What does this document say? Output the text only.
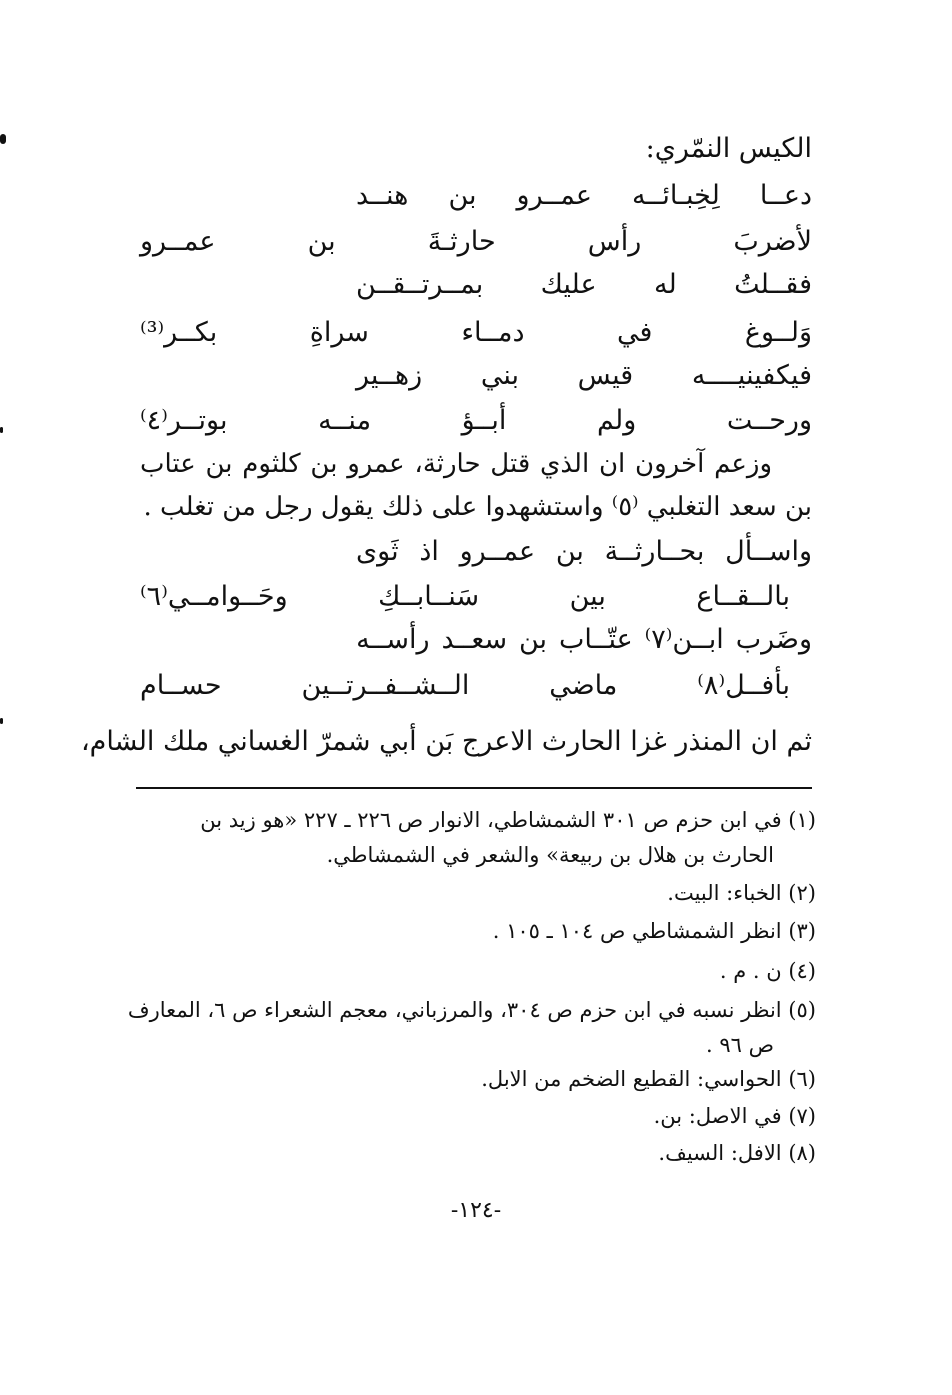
الكيس النمّري:
دعــا
لِخِبـائــه
عمــرو
بن
هنــد
لأضربَ
رأس
حارثـةَ
بن
عمــرو
فقــلتُ
له
عليك
بمــرتــقــن
وَلــوغ
في
دمــاء
سراةِ
بكــر⁽³⁾
فيكفينيــــه
قيس
بني
زهــير
ورحــت
ولم
أبــؤ
منــه
بوتــر⁽٤⁾
وزعم آخرون ان الذي قتل حارثة، عمرو بن كلثوم بن عتاب بن سعد التغلبي ⁽٥⁾ واستشهدوا على ذلك يقول رجل من تغلب .
واســأل
بحــارثــة
بن
عمــرو
اذ
ثَوى
بالــقــاع
بين
سَنــابــكِ
وحَــوامــي⁽٦⁾
وضَرب
ابــن⁽٧⁾
عتّــاب
بن
سعــد
رأســه
بأفــل⁽٨⁾
ماضي
الــشــفــرتــين
حســام
ثم ان المنذر غزا الحارث الاعرج بَن أبي شمرّ الغساني ملك الشام،
(١) في ابن حزم ص ٣٠١ الشمشاطي، الانوار ص ٢٢٦ ـ ٢٢٧ «هو زيد بن
الحارث بن هلال بن ربيعة» والشعر في الشمشاطي.
(٢) الخباء: البيت.
(٣) انظر الشمشاطي ص ١٠٤ ـ ١٠٥ .
(٤) ن . م .
(٥) انظر نسبه في ابن حزم ص ٣٠٤، والمرزباني، معجم الشعراء ص ٦، المعارف
ص ٩٦ .
(٦) الحواسي: القطيع الضخم من الابل.
(٧) في الاصل: بن.
(٨) الافل: السيف.
-١٢٤-
